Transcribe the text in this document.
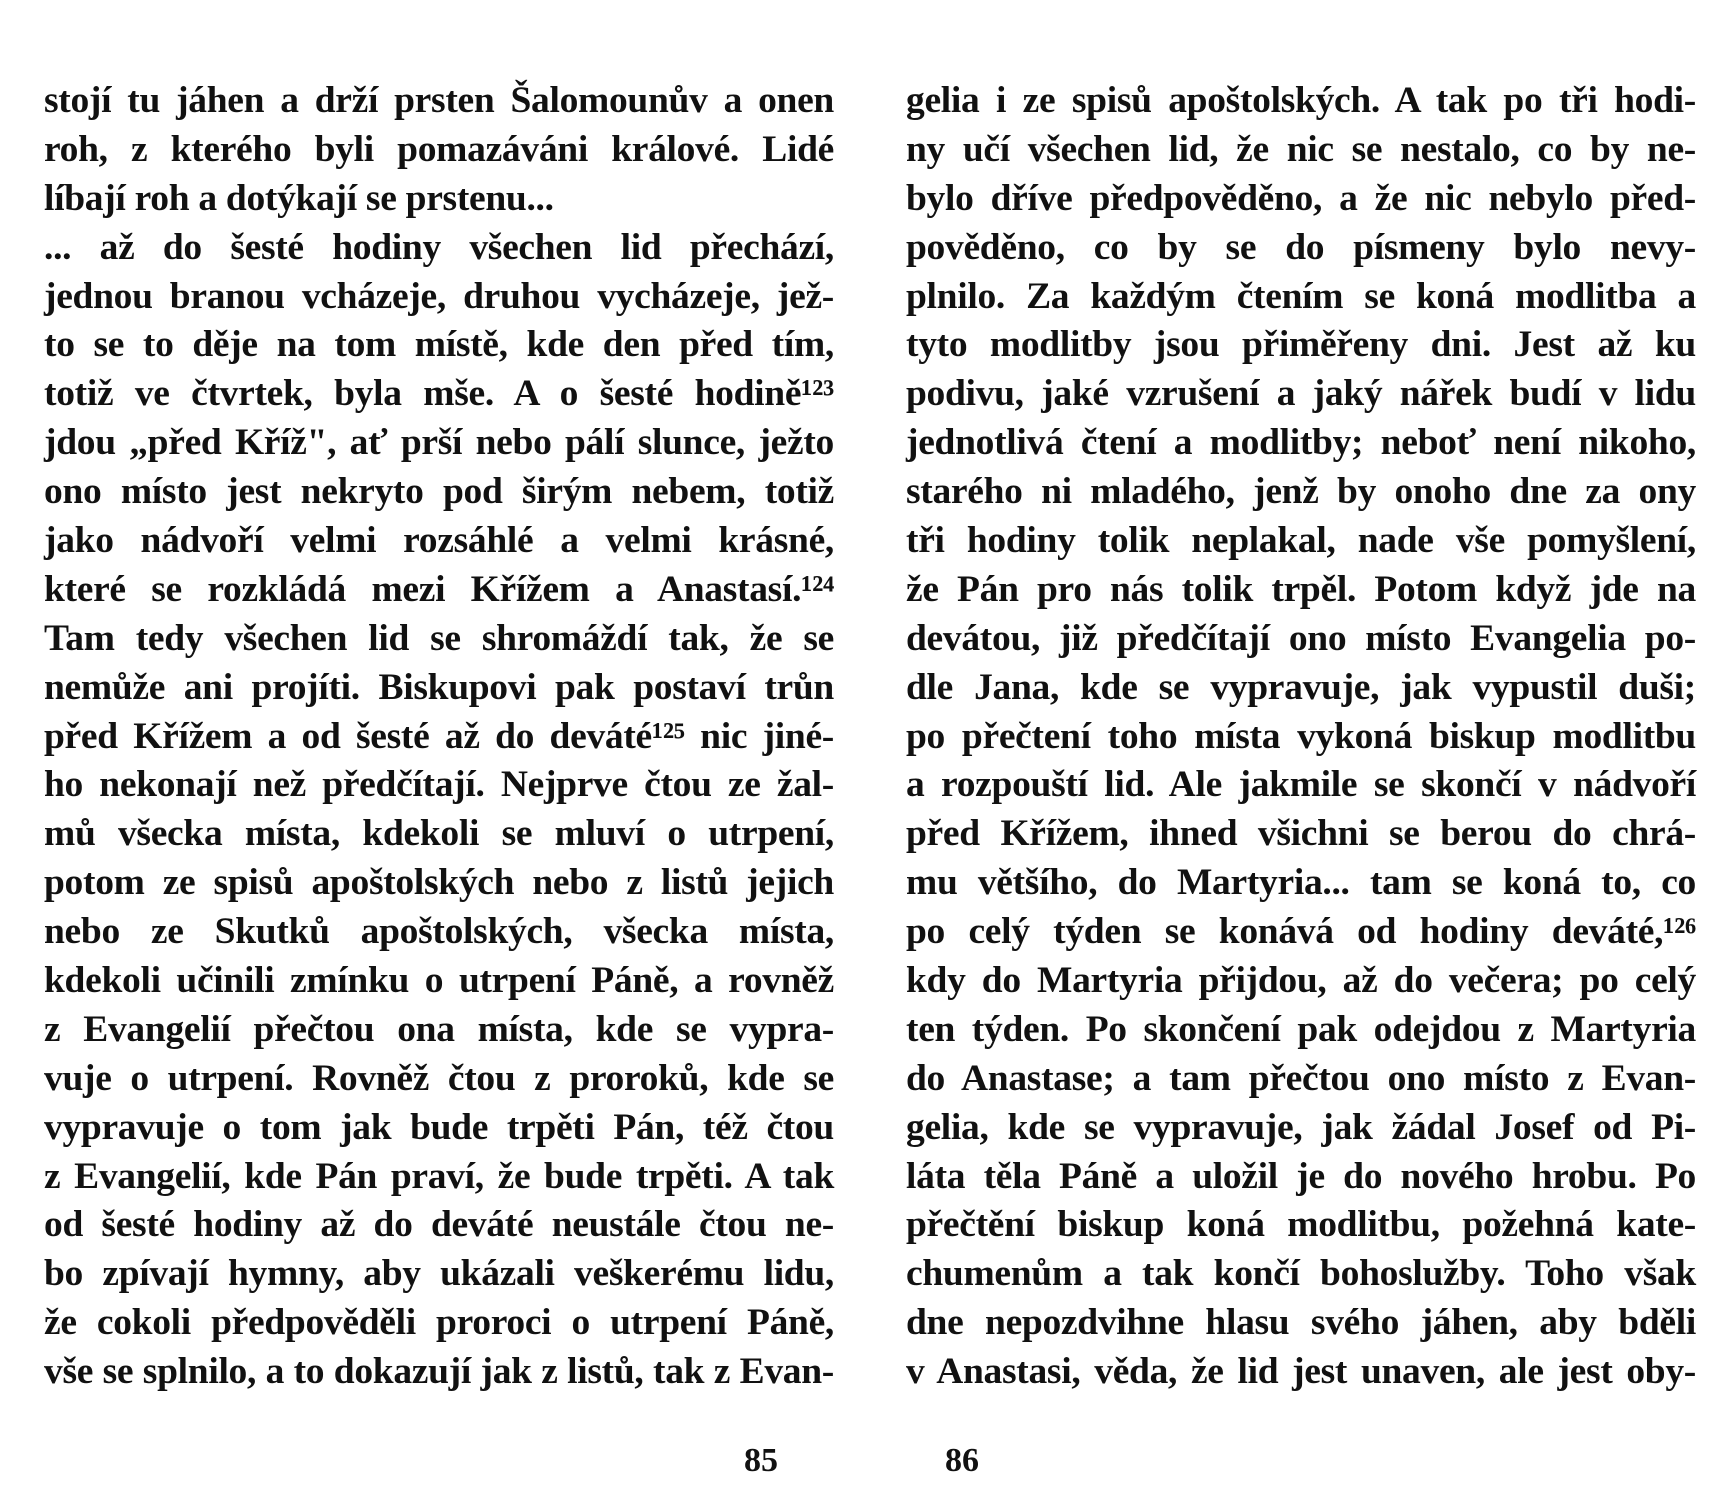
stojí tu jáhen a drží prsten Šalomounův a onen
roh, z kterého byli pomazáváni králové. Lidé
líbají roh a dotýkají se prstenu...
... až do šesté hodiny všechen lid přechází,
jednou branou vcházeje, druhou vycházeje, jež-
to se to děje na tom místě, kde den před tím,
totiž ve čtvrtek, byla mše. A o šesté hodině¹²³
jdou „před Kříž", ať prší nebo pálí slunce, ježto
ono místo jest nekryto pod širým nebem, totiž
jako nádvoří velmi rozsáhlé a velmi krásné,
které se rozkládá mezi Křížem a Anastasí.¹²⁴
Tam tedy všechen lid se shromáždí tak, že se
nemůže ani projíti. Biskupovi pak postaví trůn
před Křížem a od šesté až do deváté¹²⁵ nic jiné-
ho nekonají než předčítají. Nejprve čtou ze žal-
mů všecka místa, kdekoli se mluví o utrpení,
potom ze spisů apoštolských nebo z listů jejich
nebo ze Skutků apoštolských, všecka místa,
kdekoli učinili zmínku o utrpení Páně, a rovněž
z Evangelií přečtou ona místa, kde se vypra-
vuje o utrpení. Rovněž čtou z proroků, kde se
vypravuje o tom jak bude trpěti Pán, též čtou
z Evangelií, kde Pán praví, že bude trpěti. A tak
od šesté hodiny až do deváté neustále čtou ne-
bo zpívají hymny, aby ukázali veškerému lidu,
že cokoli předpověděli proroci o utrpení Páně,
vše se splnilo, a to dokazují jak z listů, tak z Evan-
85
gelia i ze spisů apoštolských. A tak po tři hodi-
ny učí všechen lid, že nic se nestalo, co by ne-
bylo dříve předpověděno, a že nic nebylo před-
pověděno, co by se do písmeny bylo nevy-
plnilo. Za každým čtením se koná modlitba a
tyto modlitby jsou přiměřeny dni. Jest až ku
podivu, jaké vzrušení a jaký nářek budí v lidu
jednotlivá čtení a modlitby; neboť není nikoho,
starého ni mladého, jenž by onoho dne za ony
tři hodiny tolik neplakal, nade vše pomyšlení,
že Pán pro nás tolik trpěl. Potom když jde na
devátou, již předčítají ono místo Evangelia po-
dle Jana, kde se vypravuje, jak vypustil duši;
po přečtení toho místa vykoná biskup modlitbu
a rozpouští lid. Ale jakmile se skončí v nádvoří
před Křížem, ihned všichni se berou do chrá-
mu většího, do Martyria... tam se koná to, co
po celý týden se konává od hodiny deváté,¹²⁶
kdy do Martyria přijdou, až do večera; po celý
ten týden. Po skončení pak odejdou z Martyria
do Anastase; a tam přečtou ono místo z Evan-
gelia, kde se vypravuje, jak žádal Josef od Pi-
láta těla Páně a uložil je do nového hrobu. Po
přečtění biskup koná modlitbu, požehná kate-
chumenům a tak končí bohoslužby. Toho však
dne nepozdvihne hlasu svého jáhen, aby bděli
v Anastasi, věda, že lid jest unaven, ale jest oby-
86
